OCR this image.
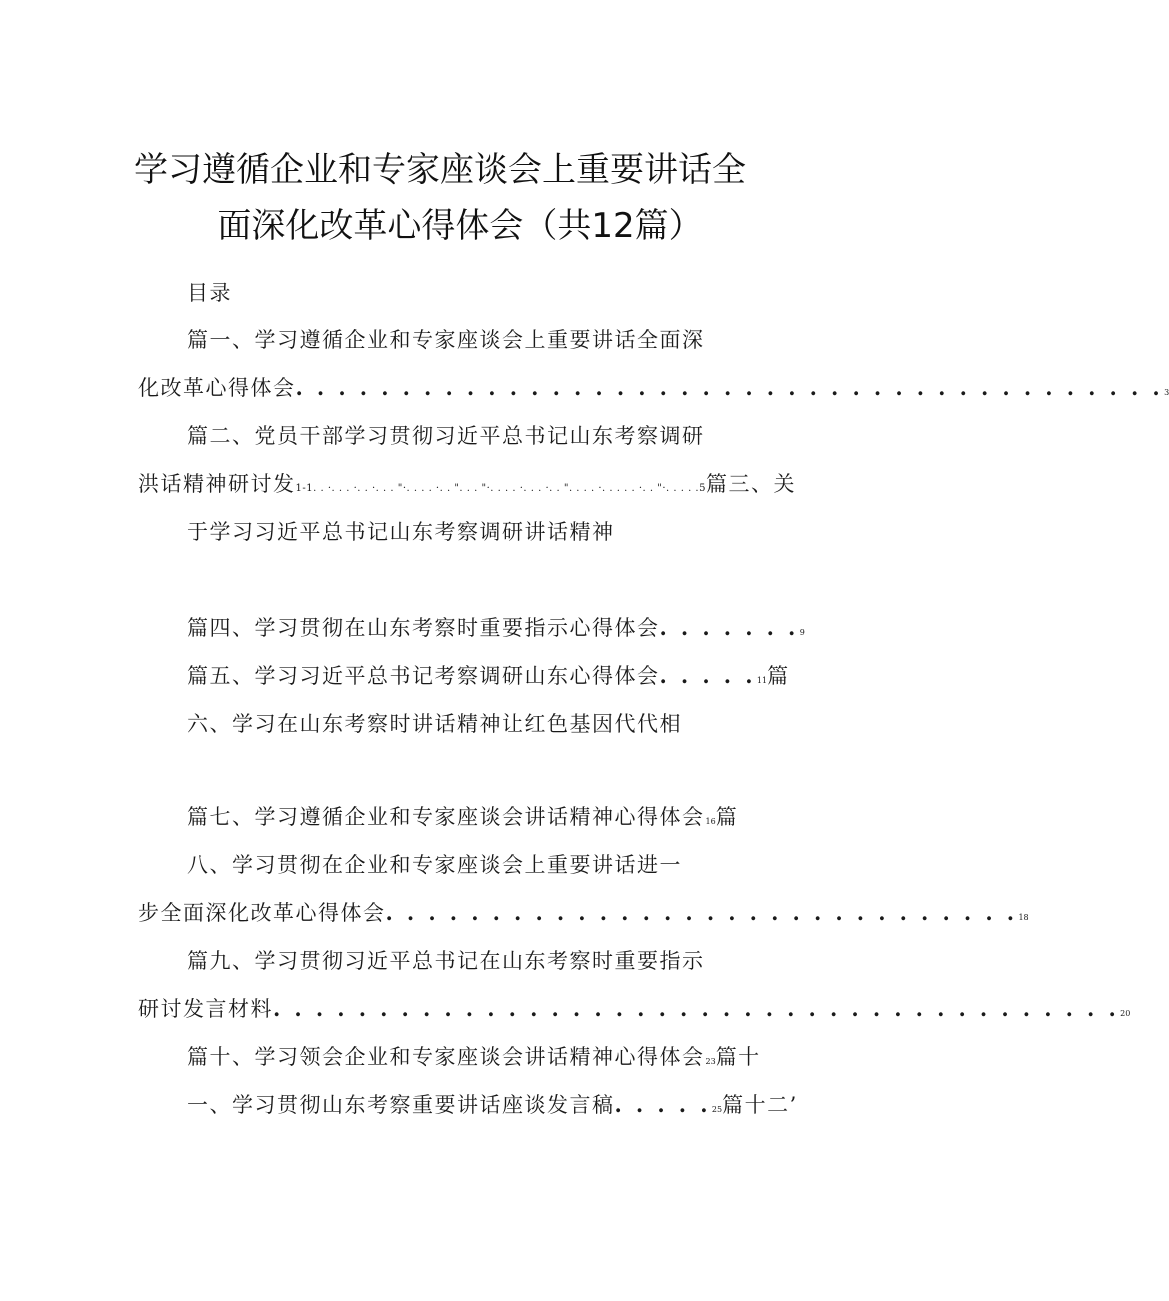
学习遵循企业和专家座谈会上重要讲话全
面深化改革心得体会（共12篇）
目录
篇一、学习遵循企业和专家座谈会上重要讲话全面深
化改革心得体会. . . . . . . . . . . . . . . . . . . . . . . . . . . . . . . . . . . . . . . . .3
篇二、党员干部学习贯彻习近平总书记山东考察调研
洪话精神研讨发1-1. . ·. . . ·. . ·. . . "·. . . . ·. . ". . . "·. . . . ·. . . ·. . ". . . . ·. . . . . ·. . "·. . . . .5篇三、关
于学习习近平总书记山东考察调研讲话精神
篇四、学习贯彻在山东考察时重要指示心得体会. . . . . . .9
篇五、学习习近平总书记考察调研山东心得体会. . . . .11篇
六、学习在山东考察时讲话精神让红色基因代代相
篇七、学习遵循企业和专家座谈会讲话精神心得体会16篇
八、学习贯彻在企业和专家座谈会上重要讲话进一
步全面深化改革心得体会. . . . . . . . . . . . . . . . . . . . . . . . . . . . . .18
篇九、学习贯彻习近平总书记在山东考察时重要指示
研讨发言材料. . . . . . . . . . . . . . . . . . . . . . . . . . . . . . . . . . . . . . . .20
篇十、学习领会企业和专家座谈会讲话精神心得体会23篇十
一、学习贯彻山东考察重要讲话座谈发言稿. . . . .25篇十二’
